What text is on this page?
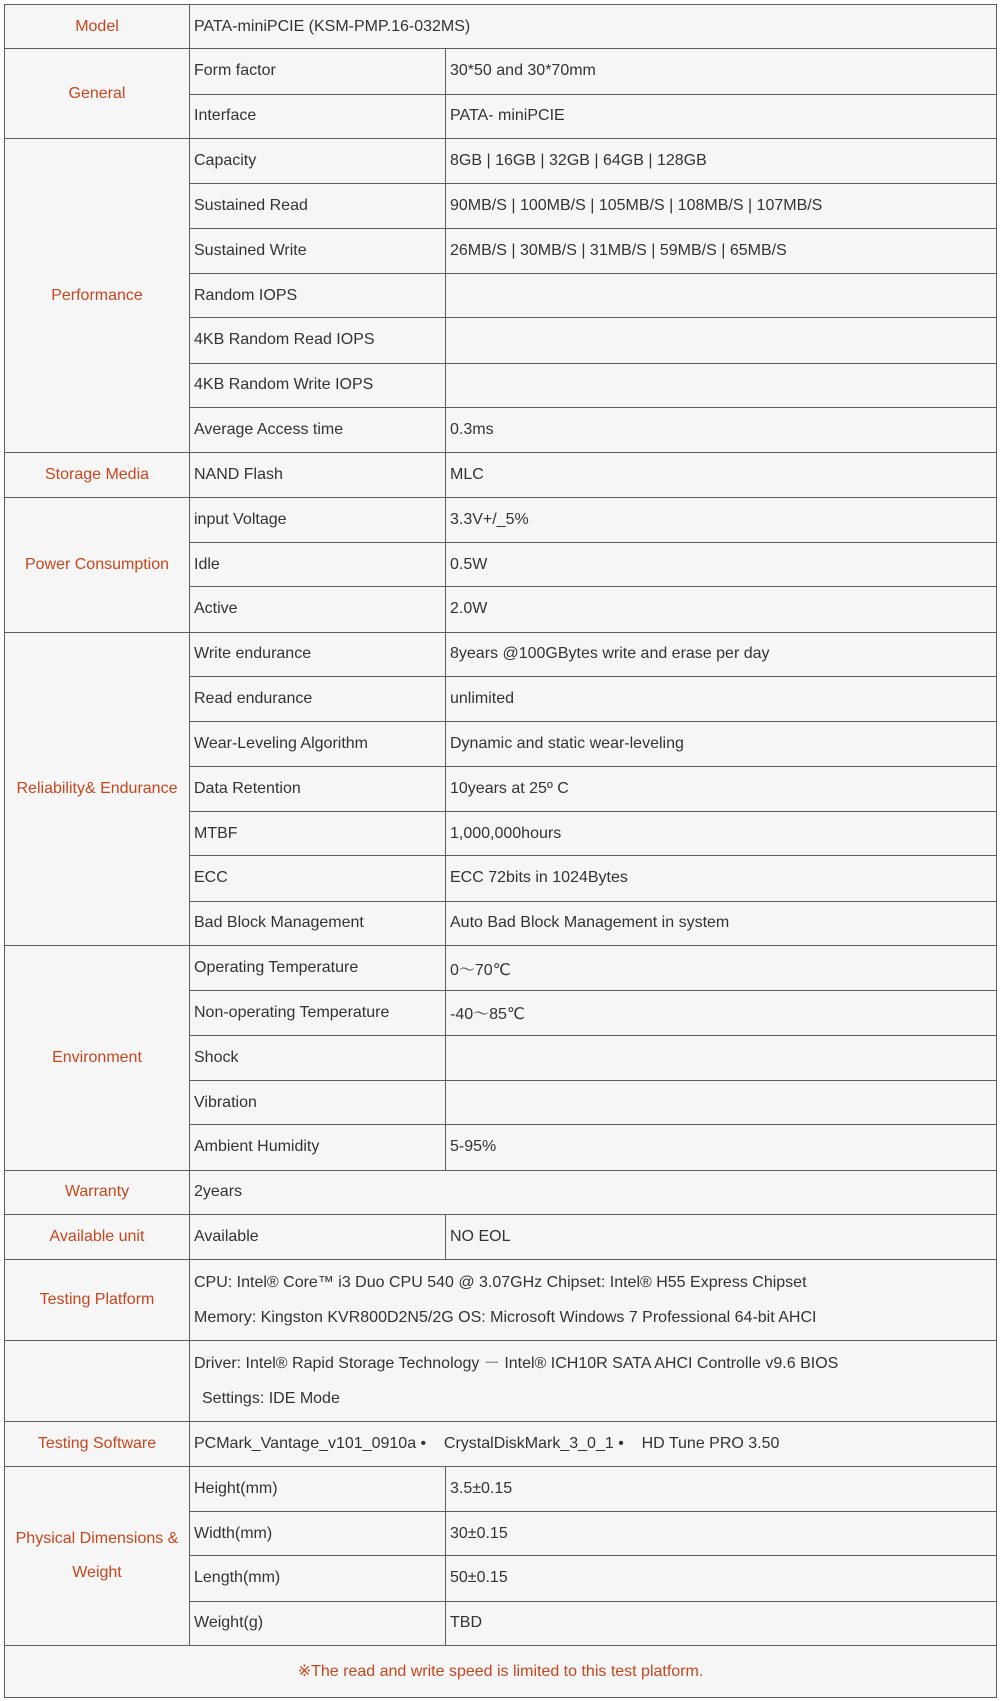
Model	PATA-miniPCIE (KSM-PMP.16-032MS)	
General	Form factor	30*50 and 30*70mm
	Interface	PATA- miniPCIE
Performance	Capacity	8GB | 16GB | 32GB | 64GB | 128GB
	Sustained Read	90MB/S | 100MB/S | 105MB/S | 108MB/S | 107MB/S
	Sustained Write	26MB/S | 30MB/S | 31MB/S | 59MB/S | 65MB/S
	Random IOPS	
	4KB Random Read IOPS	
	4KB Random Write IOPS	
	Average Access time	0.3ms
Storage Media	NAND Flash	MLC
Power Consumption	input Voltage	3.3V+/_5%
	Idle	0.5W
	Active	2.0W
Reliability& Endurance	Write endurance	8years @100GBytes write and erase per day
	Read endurance	unlimited
	Wear-Leveling Algorithm	Dynamic and static wear-leveling
	Data Retention	10years at 25º C
	MTBF	1,000,000hours
	ECC	ECC 72bits in 1024Bytes
	Bad Block Management	Auto Bad Block Management in system
Environment	Operating Temperature	0～70℃
	Non-operating Temperature	-40～85℃
	Shock	
	Vibration	
	Ambient Humidity	5-95%
Warranty	2years	
Available unit	Available	NO EOL
Testing Platform	CPU: Intel® Core™ i3 Duo CPU 540 @ 3.07GHz Chipset: Intel® H55 Express Chipset
Memory: Kingston KVR800D2N5/2G OS: Microsoft Windows 7 Professional 64-bit AHCI	

	Driver: Intel® Rapid Storage Technology － Intel® ICH10R SATA AHCI Controlle v9.6 BIOS
Settings: IDE Mode	

Testing Software	PCMark_Vantage_v101_0910a •    CrystalDiskMark_3_0_1 •    HD Tune PRO 3.50	
Physical Dimensions & Weight	Height(mm)	3.5±0.15
	Width(mm)	30±0.15
	Length(mm)	50±0.15
	Weight(g)	TBD
※The read and write speed is limited to this test platform.		
